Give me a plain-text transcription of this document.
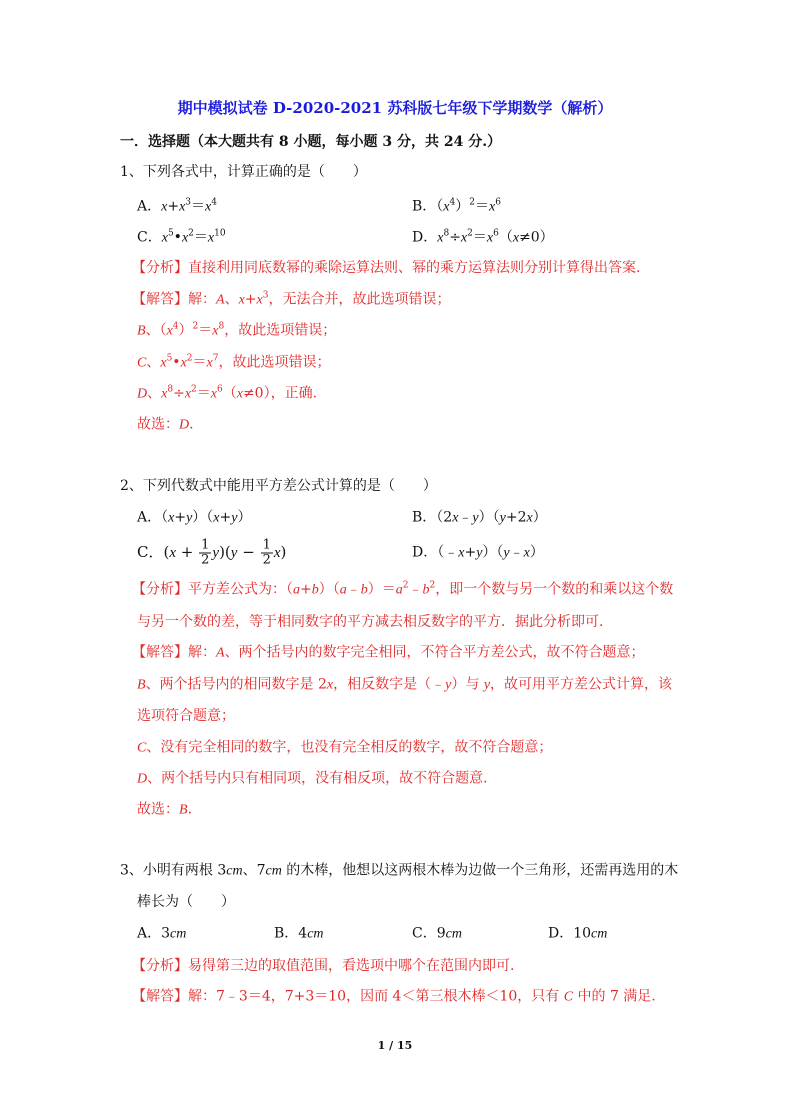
期中模拟试卷 D-2020-2021 苏科版七年级下学期数学（解析）
一．选择题（本大题共有 8 小题，每小题 3 分，共 24 分.）
1、下列各式中，计算正确的是（　　）
A．$x+x^3=x^4$	B．$(x^4)^2=x^6$
C．$x^5•x^2=x^{10}$	D．$x^8\div x^2=x^6(x\ne 0)$
【分析】直接利用同底数幂的乘除运算法则、幂的乘方运算法则分别计算得出答案.
【解答】解：A、$x+x^3$，无法合并，故此选项错误；
B、$(x^4)^2=x^8$，故此选项错误；
C、$x^5•x^2=x^7$，故此选项错误；
D、$x^8\div x^2=x^6(x\ne 0)$，正确.
故选：D.
2、下列代数式中能用平方差公式计算的是（　　）
A．（x+y）（x+y）	B．（2x﹣y）（y+2x）
C．$(x + \frac{1}{2} y)(y - \frac{1}{2} x)$	D．（﹣x+y）（y﹣x）
【分析】平方差公式为：$(a+b)(a﹣b)=a^2﹣b^2$，即一个数与另一个数的和乘以这个数
与另一个数的差，等于相同数字的平方减去相反数字的平方．据此分析即可.
【解答】解：A、两个括号内的数字完全相同，不符合平方差公式，故不符合题意；
B、两个括号内的相同数字是 2x，相反数字是（﹣y）与 y，故可用平方差公式计算，该
选项符合题意；
C、没有完全相同的数字，也没有完全相反的数字，故不符合题意；
D、两个括号内只有相同项，没有相反项，故不符合题意.
故选：B.
3、小明有两根 3cm、7cm 的木棒，他想以这两根木棒为边做一个三角形，还需再选用的木
棒长为（　　）
A．3cm	B．4cm	C．9cm	D．10cm
【分析】易得第三边的取值范围，看选项中哪个在范围内即可.
【解答】解：7﹣3＝4，7+3＝10，因而 4＜第三根木棒＜10，只有 C 中的 7 满足.
1 / 15
